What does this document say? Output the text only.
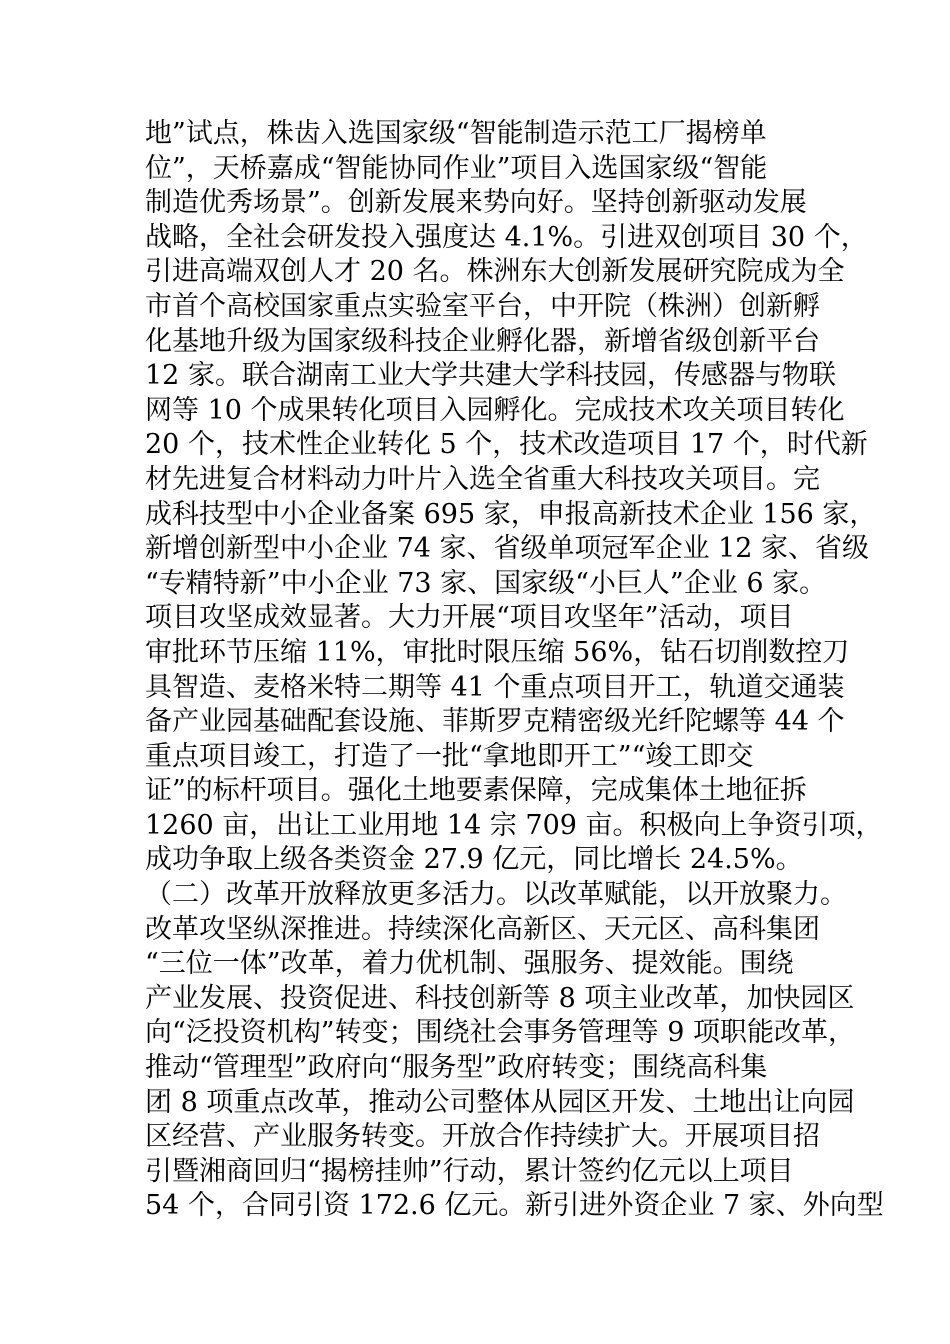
地”试点，株齿入选国家级“智能制造示范工厂揭榜单
位”，天桥嘉成“智能协同作业”项目入选国家级“智能
制造优秀场景”。创新发展来势向好。坚持创新驱动发展
战略，全社会研发投入强度达 4.1%。引进双创项目 30 个，
引进高端双创人才 20 名。株洲东大创新发展研究院成为全
市首个高校国家重点实验室平台，中开院（株洲）创新孵
化基地升级为国家级科技企业孵化器，新增省级创新平台
12 家。联合湖南工业大学共建大学科技园，传感器与物联
网等 10 个成果转化项目入园孵化。完成技术攻关项目转化
20 个，技术性企业转化 5 个，技术改造项目 17 个，时代新
材先进复合材料动力叶片入选全省重大科技攻关项目。完
成科技型中小企业备案 695 家，申报高新技术企业 156 家，
新增创新型中小企业 74 家、省级单项冠军企业 12 家、省级
“专精特新”中小企业 73 家、国家级“小巨人”企业 6 家。
项目攻坚成效显著。大力开展“项目攻坚年”活动，项目
审批环节压缩 11%，审批时限压缩 56%，钻石切削数控刀
具智造、麦格米特二期等 41 个重点项目开工，轨道交通装
备产业园基础配套设施、菲斯罗克精密级光纤陀螺等 44 个
重点项目竣工，打造了一批“拿地即开工”“竣工即交
证”的标杆项目。强化土地要素保障，完成集体土地征拆
1260 亩，出让工业用地 14 宗 709 亩。积极向上争资引项，
成功争取上级各类资金 27.9 亿元，同比增长 24.5%。
（二）改革开放释放更多活力。以改革赋能，以开放聚力。
改革攻坚纵深推进。持续深化高新区、天元区、高科集团
“三位一体”改革，着力优机制、强服务、提效能。围绕
产业发展、投资促进、科技创新等 8 项主业改革，加快园区
向“泛投资机构”转变；围绕社会事务管理等 9 项职能改革，
推动“管理型”政府向“服务型”政府转变；围绕高科集
团 8 项重点改革，推动公司整体从园区开发、土地出让向园
区经营、产业服务转变。开放合作持续扩大。开展项目招
引暨湘商回归“揭榜挂帅”行动，累计签约亿元以上项目
54 个，合同引资 172.6 亿元。新引进外资企业 7 家、外向型
